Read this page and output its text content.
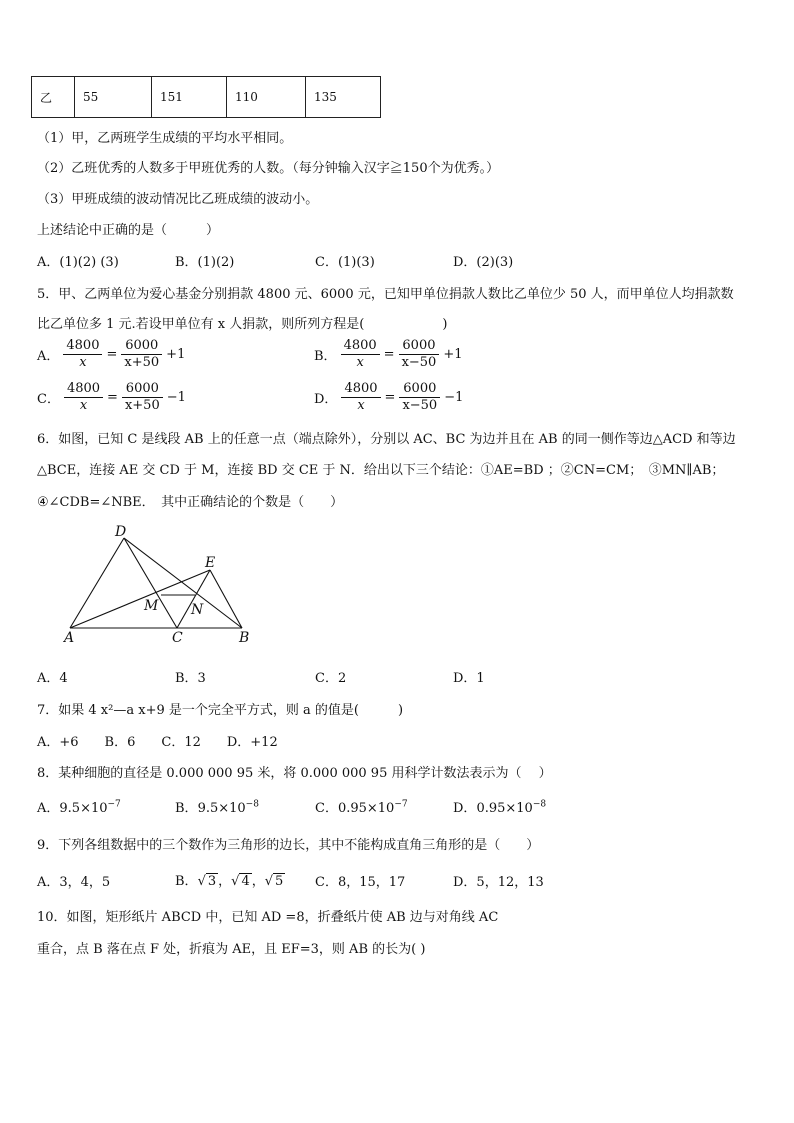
乙	55	151	110	135
（1）甲，乙两班学生成绩的平均水平相同。
（2）乙班优秀的人数多于甲班优秀的人数。（每分钟输入汉字≧150个为优秀。）
（3）甲班成绩的波动情况比乙班成绩的波动小。
上述结论中正确的是（　　　）
A．(1)(2) (3)	B．(1)(2)	C．(1)(3)	D．(2)(3)
5．甲、乙两单位为爱心基金分别捐款 4800 元、6000 元，已知甲单位捐款人数比乙单位少 50 人，而甲单位人均捐款数
比乙单位多 1 元.若设甲单位有 x 人捐款，则所列方程是(　　　　　　)
A． $\frac{4800}{x} = \frac{6000}{x+50} +1$	B． $\frac{4800}{x} = \frac{6000}{x-50} +1$
C． $\frac{4800}{x} = \frac{6000}{x+50} -1$	D． $\frac{4800}{x} = \frac{6000}{x-50} -1$
6．如图，已知 C 是线段 AB 上的任意一点（端点除外），分别以 AC、BC 为边并且在 AB 的同一侧作等边△ACD 和等边
△BCE，连接 AE 交 CD 于 M，连接 BD 交 CE 于 N．给出以下三个结论：①AE=BD ；②CN=CM；　③MN∥AB；
④∠CDB=∠NBE．　其中正确结论的个数是（　　）
D
E
M N
A	C	B
A．4	B．3	C．2	D．1
7．如果 4 x²—a x+9 是一个完全平方式，则 a 的值是(　　　)
A．+6　　B．6　　C．12　　D．+12
8．某种细胞的直径是 0.000 000 95 米，将 0.000 000 95 用科学计数法表示为（　 ）
A．$9.5\times 10^{-7}$	B．$9.5\times 10^{-8}$	C．$0.95\times 10^{-7}$	D．$0.95\times 10^{-8}$
9．下列各组数据中的三个数作为三角形的边长，其中不能构成直角三角形的是（　　）
A．3，4，5	B．√ 3 ，√ 4 ，√ 5 C．8，15，17	D．5，12，13
10．如图，矩形纸片 ABCD 中，已知 AD =8，折叠纸片使 AB 边与对角线 AC
重合，点 B 落在点 F 处，折痕为 AE，且 EF=3，则 AB 的长为( )
